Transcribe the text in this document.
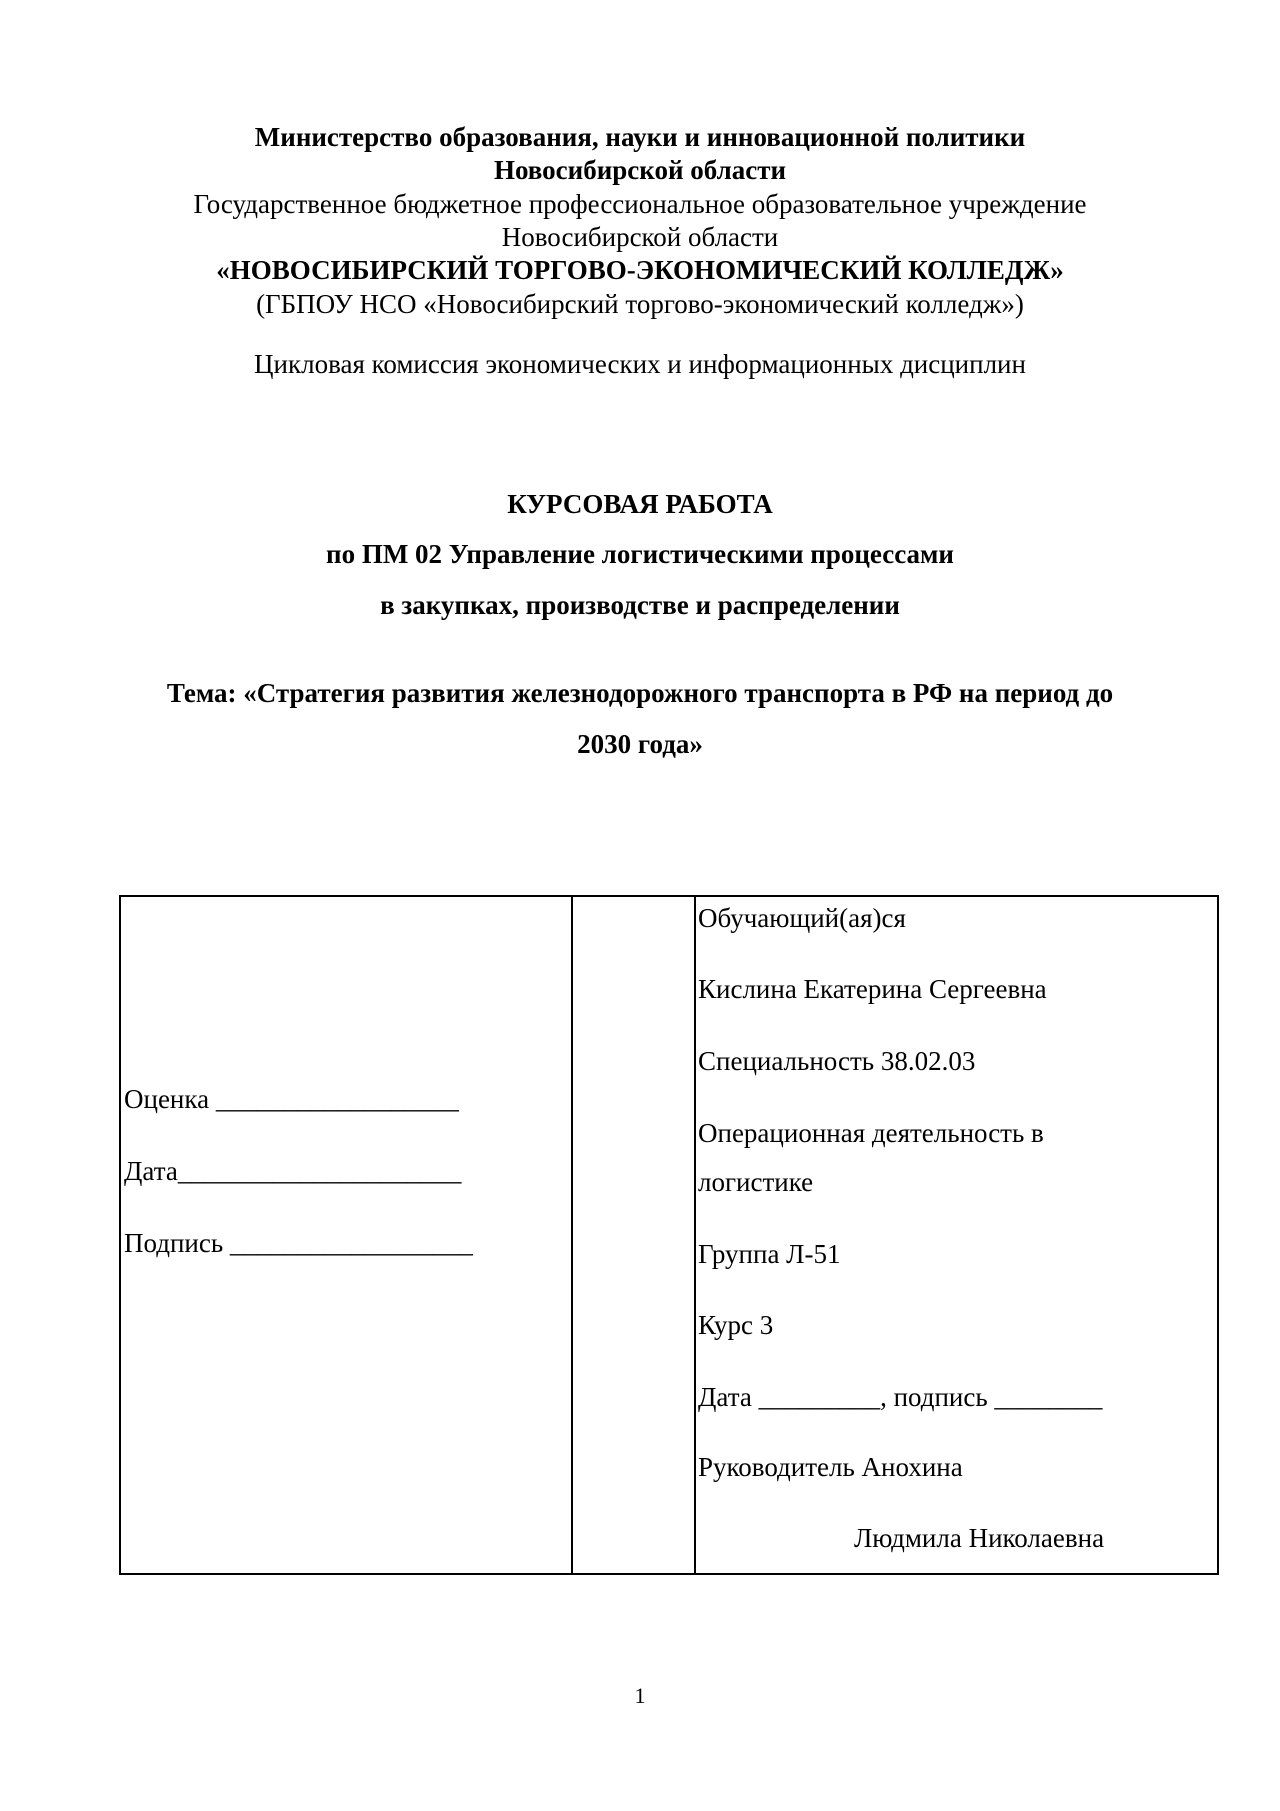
Министерство образования, науки и инновационной политики
Новосибирской области
Государственное бюджетное профессиональное образовательное учреждение
Новосибирской области
«НОВОСИБИРСКИЙ ТОРГОВО-ЭКОНОМИЧЕСКИЙ КОЛЛЕДЖ»
(ГБПОУ НСО «Новосибирский торгово-экономический колледж»)
Цикловая комиссия экономических и информационных дисциплин
КУРСОВАЯ РАБОТА
по ПМ 02 Управление логистическими процессами
в закупках, производстве и распределении
Тема: «Стратегия развития железнодорожного транспорта в РФ на период до
2030 года»
Оценка __________________
Дата_____________________
Подпись __________________
Обучающий(ая)ся
Кислина Екатерина Сергеевна
Специальность 38.02.03
Операционная деятельность в
логистике
Группа Л-51
Курс 3
Дата _________, подпись ________
Руководитель Анохина
Людмила Николаевна
1
